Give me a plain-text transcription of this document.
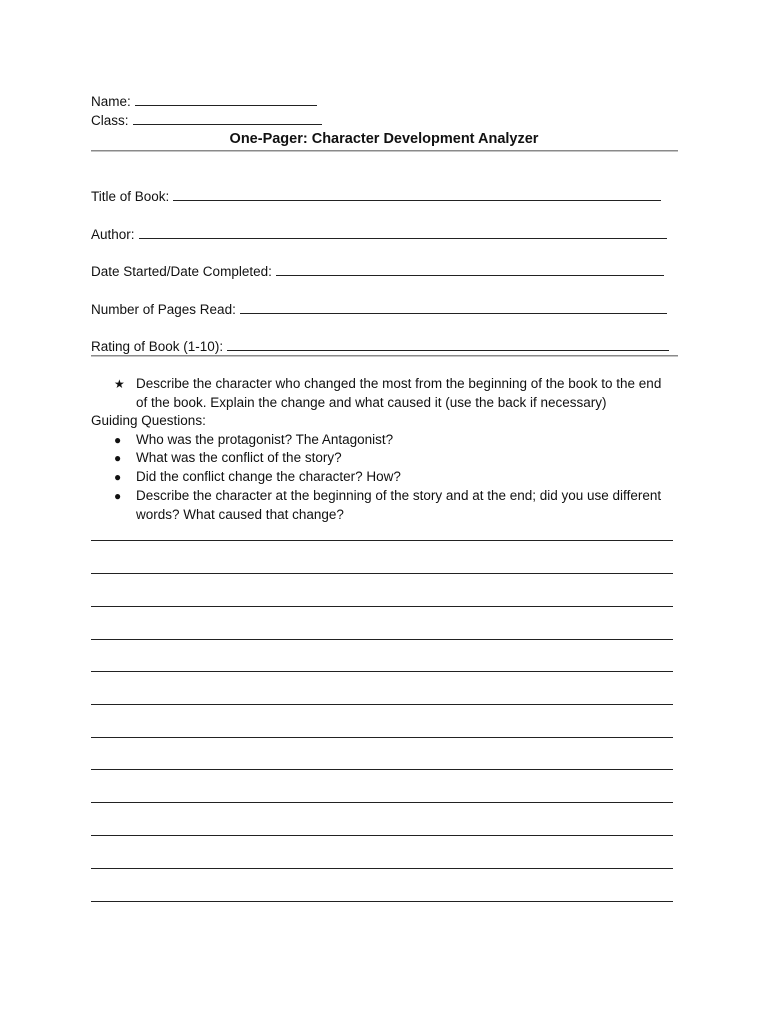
Name:
Class:
One-Pager: Character Development Analyzer
Title of Book:
Author:
Date Started/Date Completed:
Number of Pages Read:
Rating of Book (1-10):
★ Describe the character who changed the most from the beginning of the book to the end
of the book. Explain the change and what caused it (use the back if necessary)
Guiding Questions:
● Who was the protagonist? The Antagonist?
● What was the conflict of the story?
● Did the conflict change the character? How?
● Describe the character at the beginning of the story and at the end; did you use different
words? What caused that change?
